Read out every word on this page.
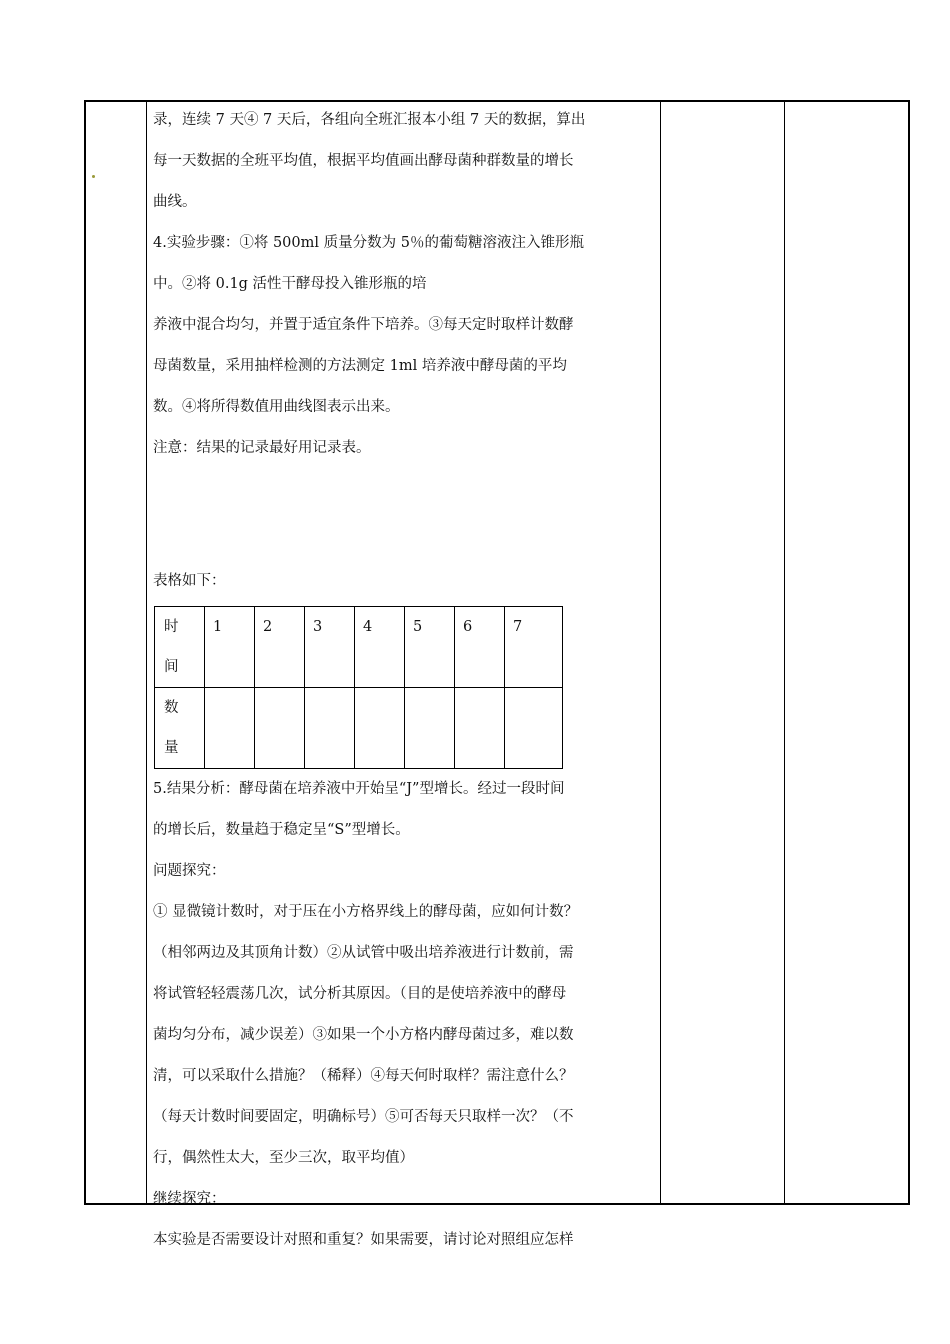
录，连续 7 天④ 7 天后，各组向全班汇报本小组 7 天的数据，算出

每一天数据的全班平均值，根据平均值画出酵母菌种群数量的增长

曲线。

4.实验步骤：①将 500ml 质量分数为 5％的葡萄糖溶液注入锥形瓶

中。②将 0.1g 活性干酵母投入锥形瓶的培

养液中混合均匀，并置于适宜条件下培养。③每天定时取样计数酵

母菌数量，采用抽样检测的方法测定 1ml 培养液中酵母菌的平均

数。④将所得数值用曲线图表示出来。

注意：结果的记录最好用记录表。

表格如下：

时
间	1	2	3	4	5	6	7

数
量							

5.结果分析：酵母菌在培养液中开始呈“J”型增长。经过一段时间

的增长后，数量趋于稳定呈“S”型增长。

问题探究：

① 显微镜计数时，对于压在小方格界线上的酵母菌，应如何计数？

（相邻两边及其顶角计数）②从试管中吸出培养液进行计数前，需

将试管轻轻震荡几次，试分析其原因。（目的是使培养液中的酵母

菌均匀分布，减少误差）③如果一个小方格内酵母菌过多，难以数

清，可以采取什么措施？（稀释）④每天何时取样？需注意什么？

（每天计数时间要固定，明确标号）⑤可否每天只取样一次？（不

行，偶然性太大，至少三次，取平均值）

继续探究：

本实验是否需要设计对照和重复？如果需要，请讨论对照组应怎样
